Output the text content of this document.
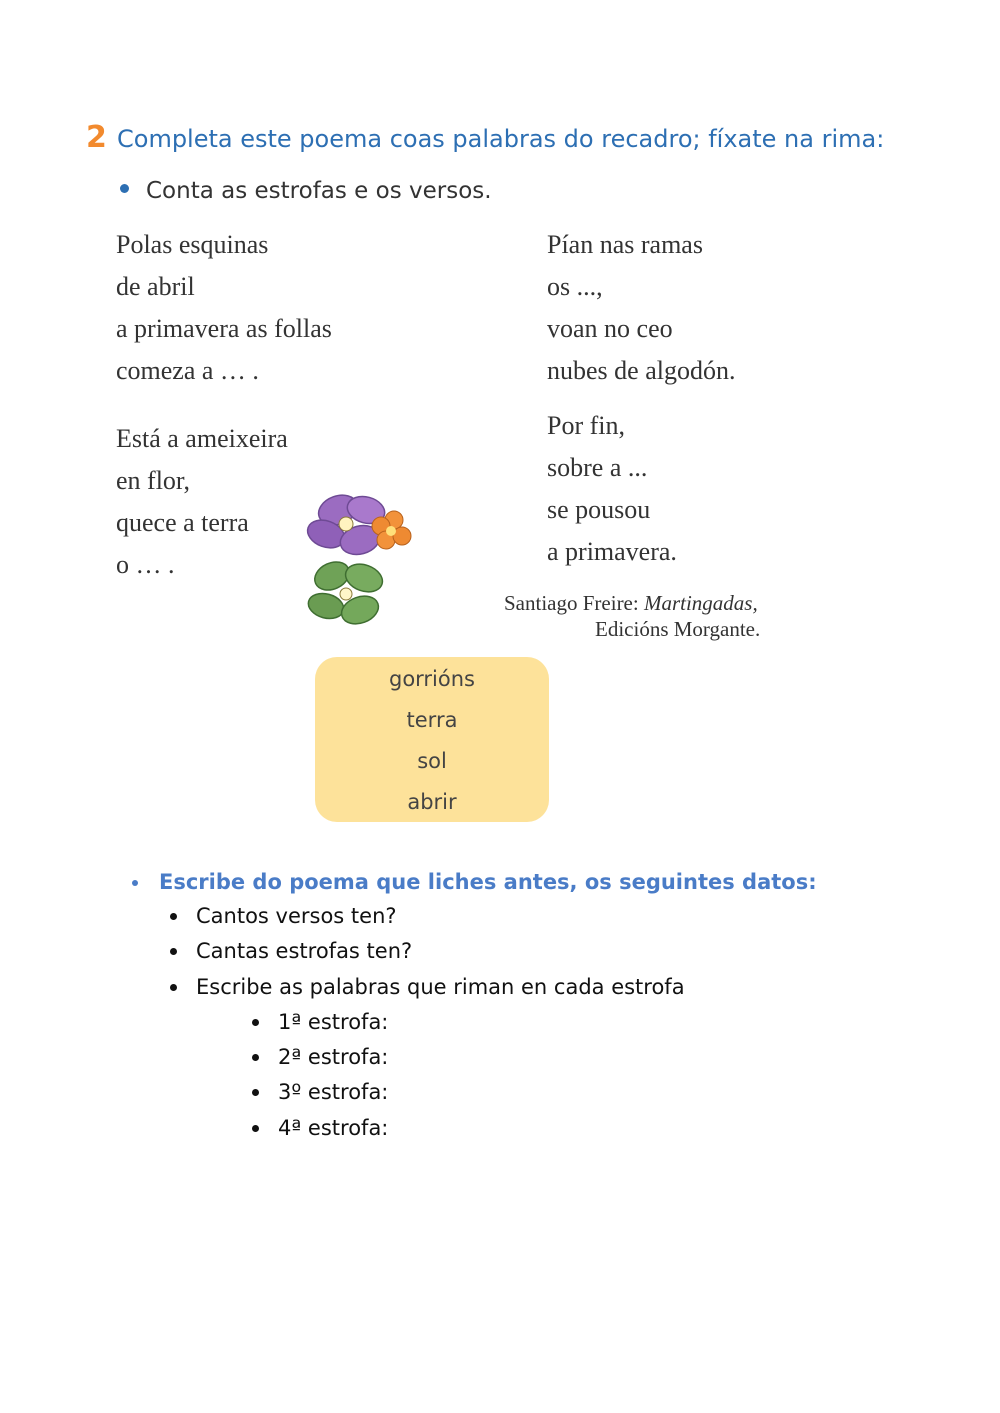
2 Completa este poema coas palabras do recadro; fíxate na rima:
Conta as estrofas e os versos.
Polas esquinas
de abril
a primavera as follas
comeza a … .
Está a ameixeira
en flor,
quece a terra
o … .
Pían nas ramas
os ...,
voan no ceo
nubes de algodón.
Por fin,
sobre a ...
se pousou
a primavera.
Santiago Freire: Martingadas,
Edicións Morgante.
gorrións
terra
sol
abrir
Escribe do poema que liches antes, os seguintes datos:
Cantos versos ten?
Cantas estrofas ten?
Escribe as palabras que riman en cada estrofa
1ª estrofa:
2ª estrofa:
3º estrofa:
4ª estrofa:
